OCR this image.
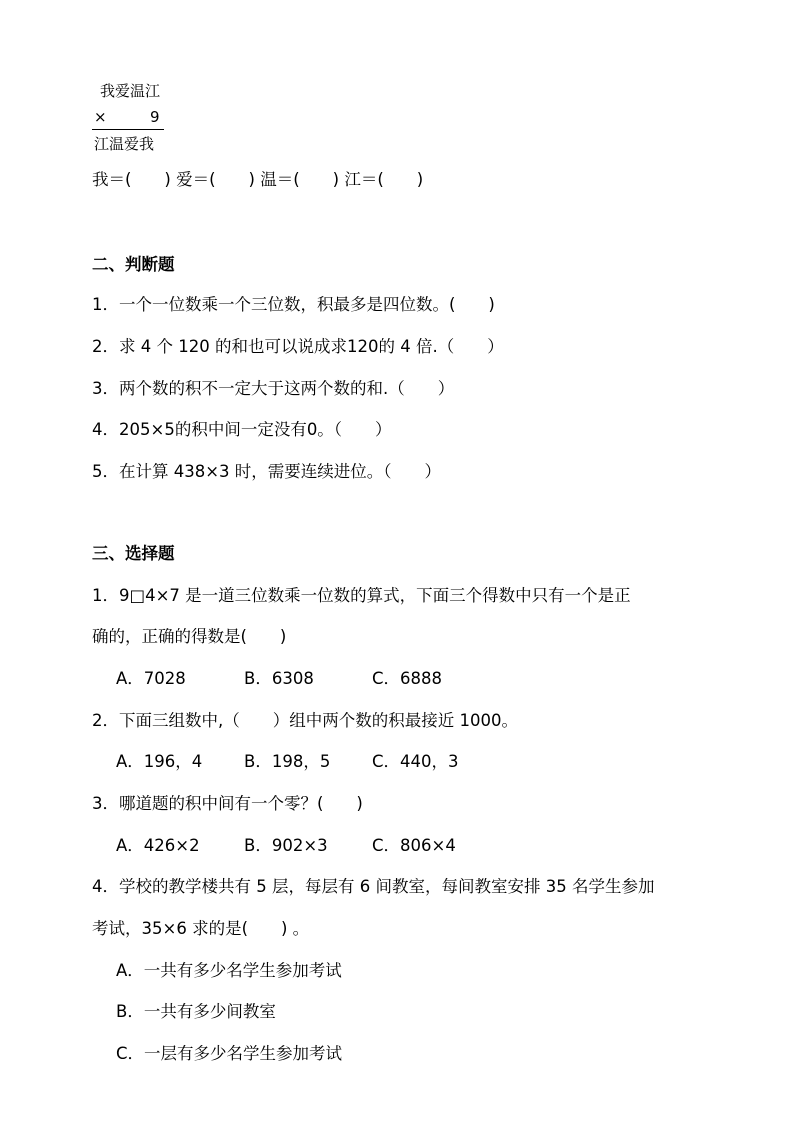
我爱温江
×	9
江温爱我
我＝(　　) 爱＝(　　) 温＝(　　) 江＝(　　)
二、判断题
1．一个一位数乘一个三位数，积最多是四位数。(　　)
2．求 4 个 120 的和也可以说成求120的 4 倍.（　　）
3．两个数的积不一定大于这两个数的和.（　　）
4．205×5的积中间一定没有0。（　　）
5．在计算 438×3 时，需要连续进位。（　　）
三、选择题
1．9□4×7 是一道三位数乘一位数的算式，下面三个得数中只有一个是正
确的，正确的得数是(　　)
A．7028	B．6308	C．6888
2．下面三组数中,（　　）组中两个数的积最接近 1000。
A．196，4	B．198，5	C．440，3
3．哪道题的积中间有一个零？(　　)
A．426×2	B．902×3	C．806×4
4．学校的教学楼共有 5 层，每层有 6 间教室，每间教室安排 35 名学生参加
考试，35×6 求的是(　　) 。
A．一共有多少名学生参加考试
B．一共有多少间教室
C．一层有多少名学生参加考试
